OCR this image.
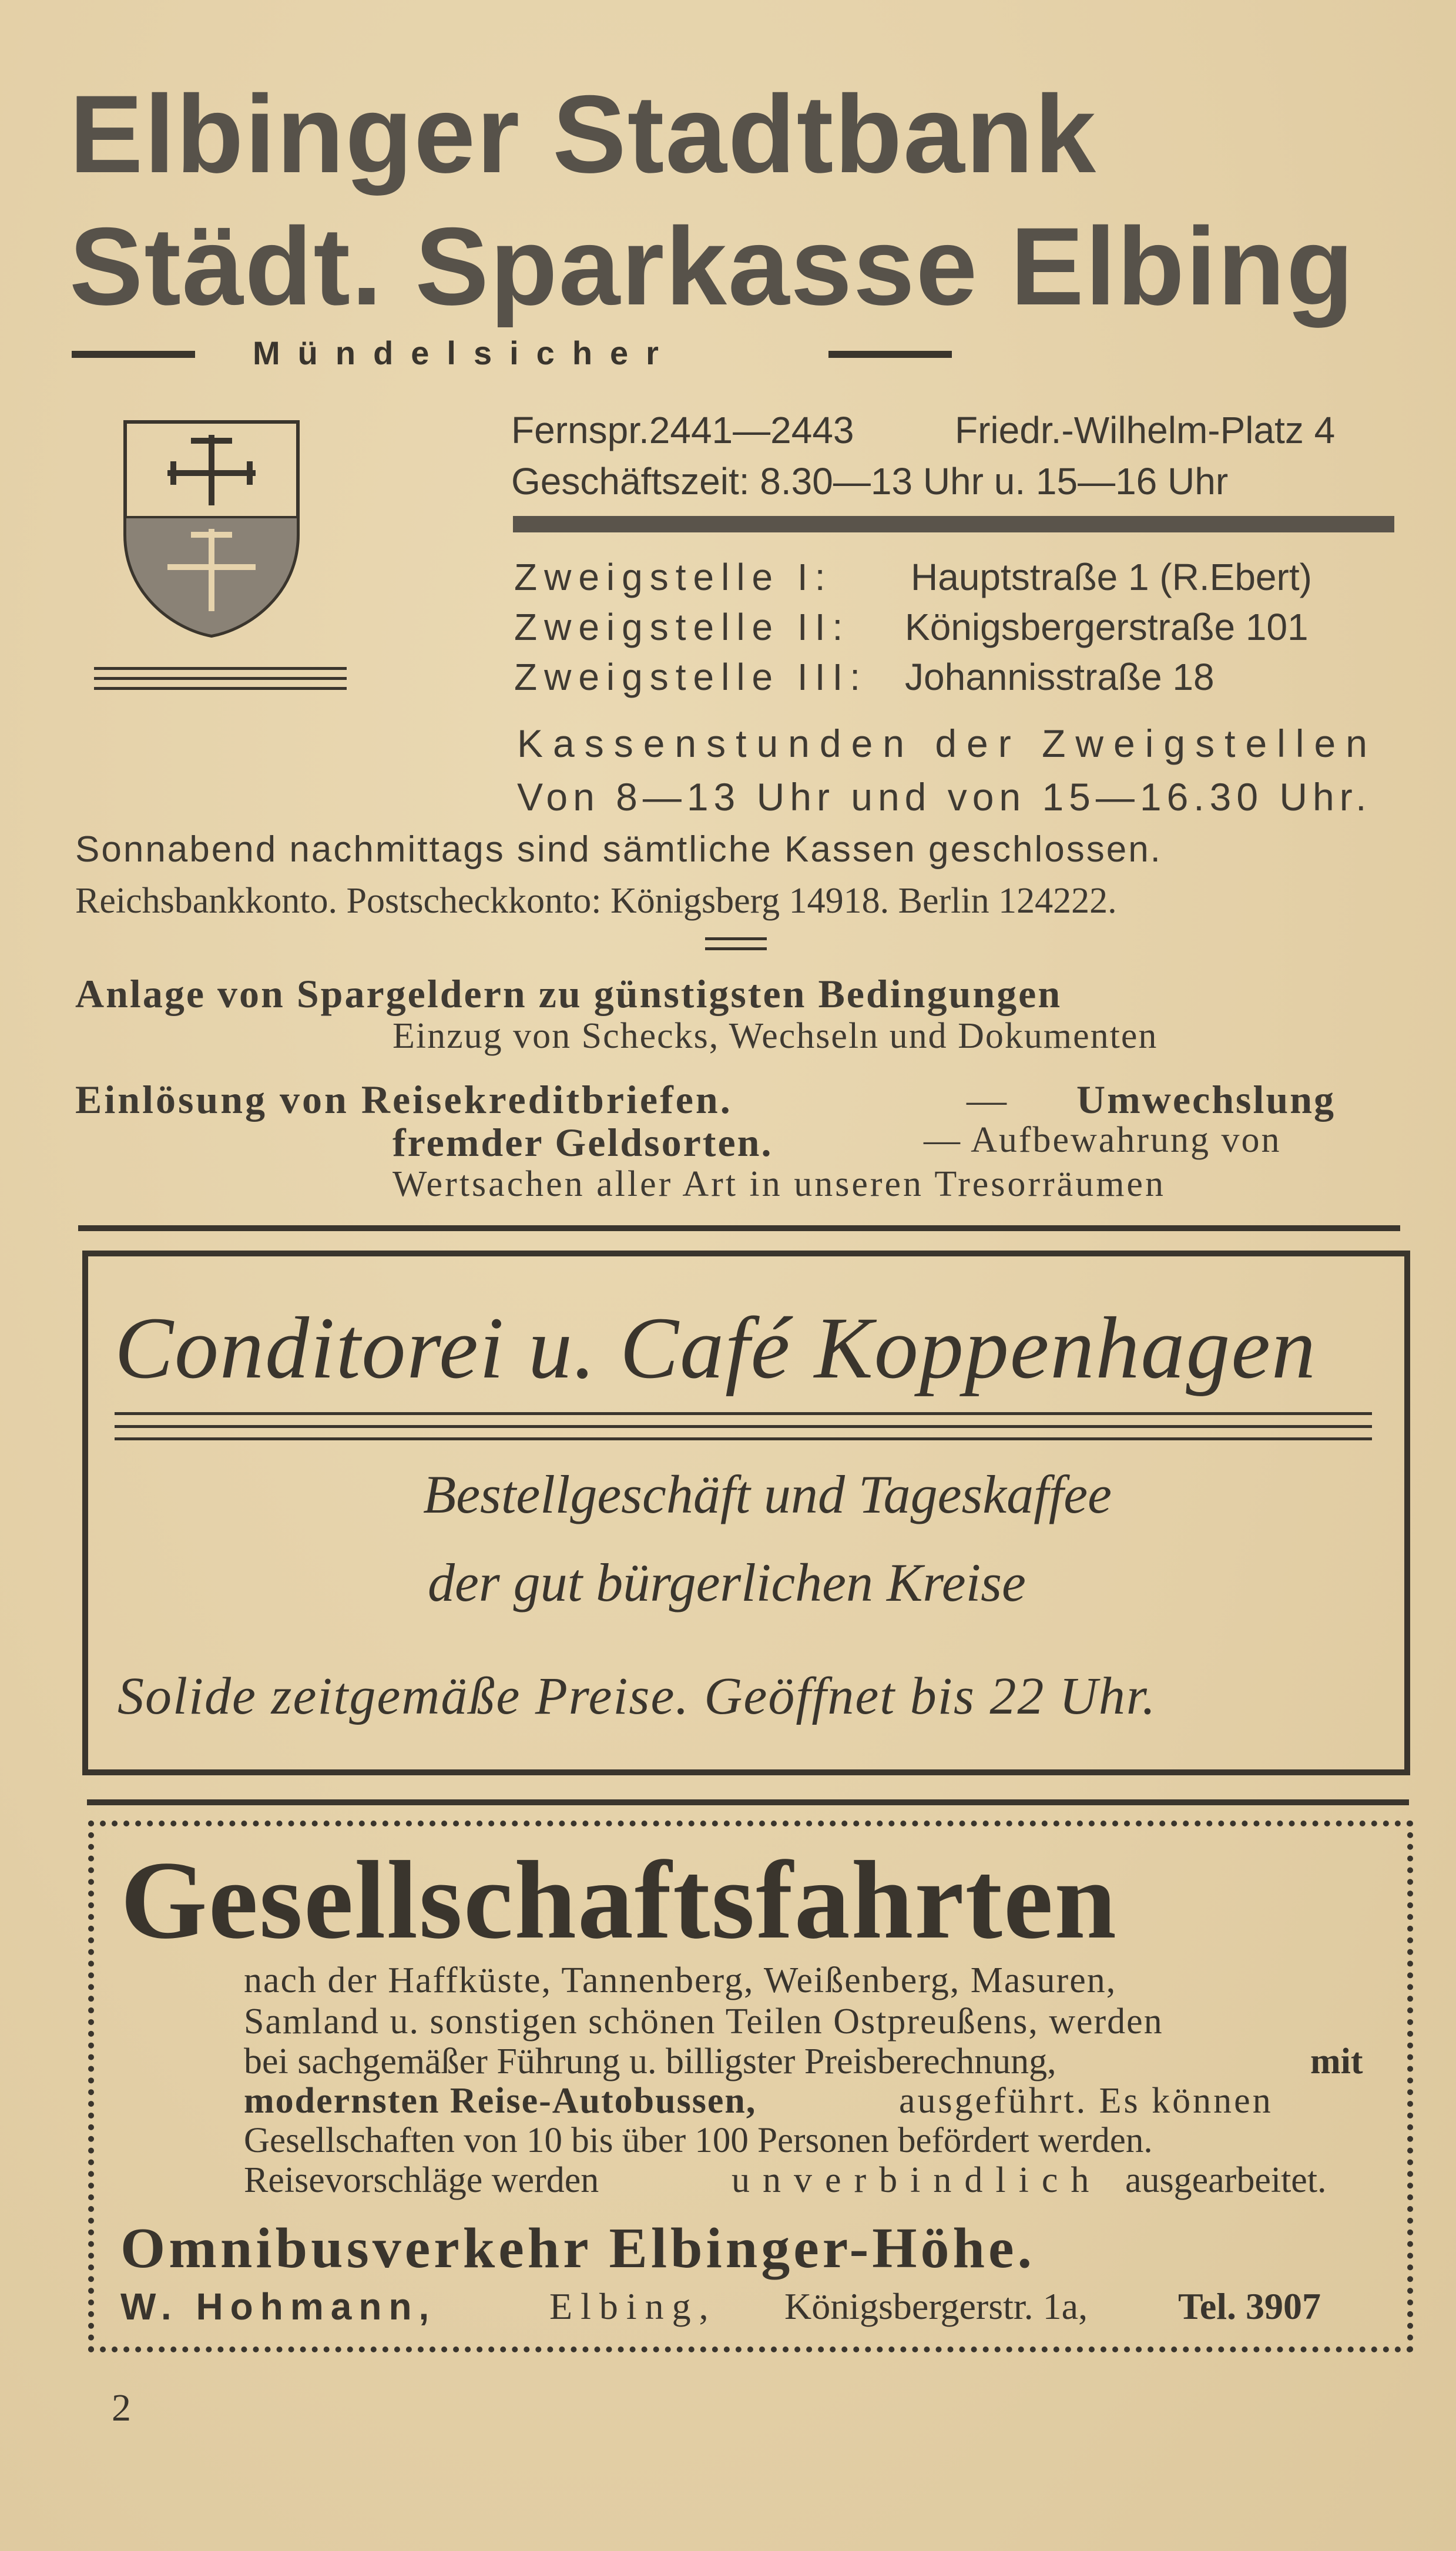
Elbinger Stadtbank
Städt. Sparkasse Elbing
Mündelsicher
Fernspr.2441—2443	Friedr.-Wilhelm-Platz 4
Geschäftszeit: 8.30—13 Uhr u. 15—16 Uhr
Zweigstelle I: Hauptstraße 1 (R.Ebert)
Zweigstelle II: Königsbergerstraße 101
Zweigstelle III: Johannisstraße 18
Kassenstunden der Zweigstellen
Von 8—13 Uhr und von 15—16.30 Uhr.
Sonnabend nachmittags sind sämtliche Kassen geschlossen.
Reichsbankkonto. Postscheckkonto: Königsberg 14918. Berlin 124222.
Anlage von Spargeldern zu günstigsten Bedingungen
Einzug von Schecks, Wechseln und Dokumenten
Einlösung von Reisekreditbriefen.	— Umwechslung
fremder Geldsorten.	— Aufbewahrung von
Wertsachen aller Art in unseren Tresorräumen
Conditorei u. Café Koppenhagen
Bestellgeschäft und Tageskaffee
der gut bürgerlichen Kreise
Solide zeitgemäße Preise. Geöffnet bis 22 Uhr.
Gesellschaftsfahrten
nach der Haffküste, Tannenberg, Weißenberg, Masuren,
Samland u. sonstigen schönen Teilen Ostpreußens, werden
bei sachgemäßer Führung u. billigster Preisberechnung,	mit
modernsten Reise-Autobussen,	ausgeführt. Es können
Gesellschaften von 10 bis über 100 Personen befördert werden.
Reisevorschläge werden	unverbindlich ausgearbeitet.
Omnibusverkehr Elbinger-Höhe.
W. Hohmann,	Elbing, Königsbergerstr. 1a, Tel. 3907
2
